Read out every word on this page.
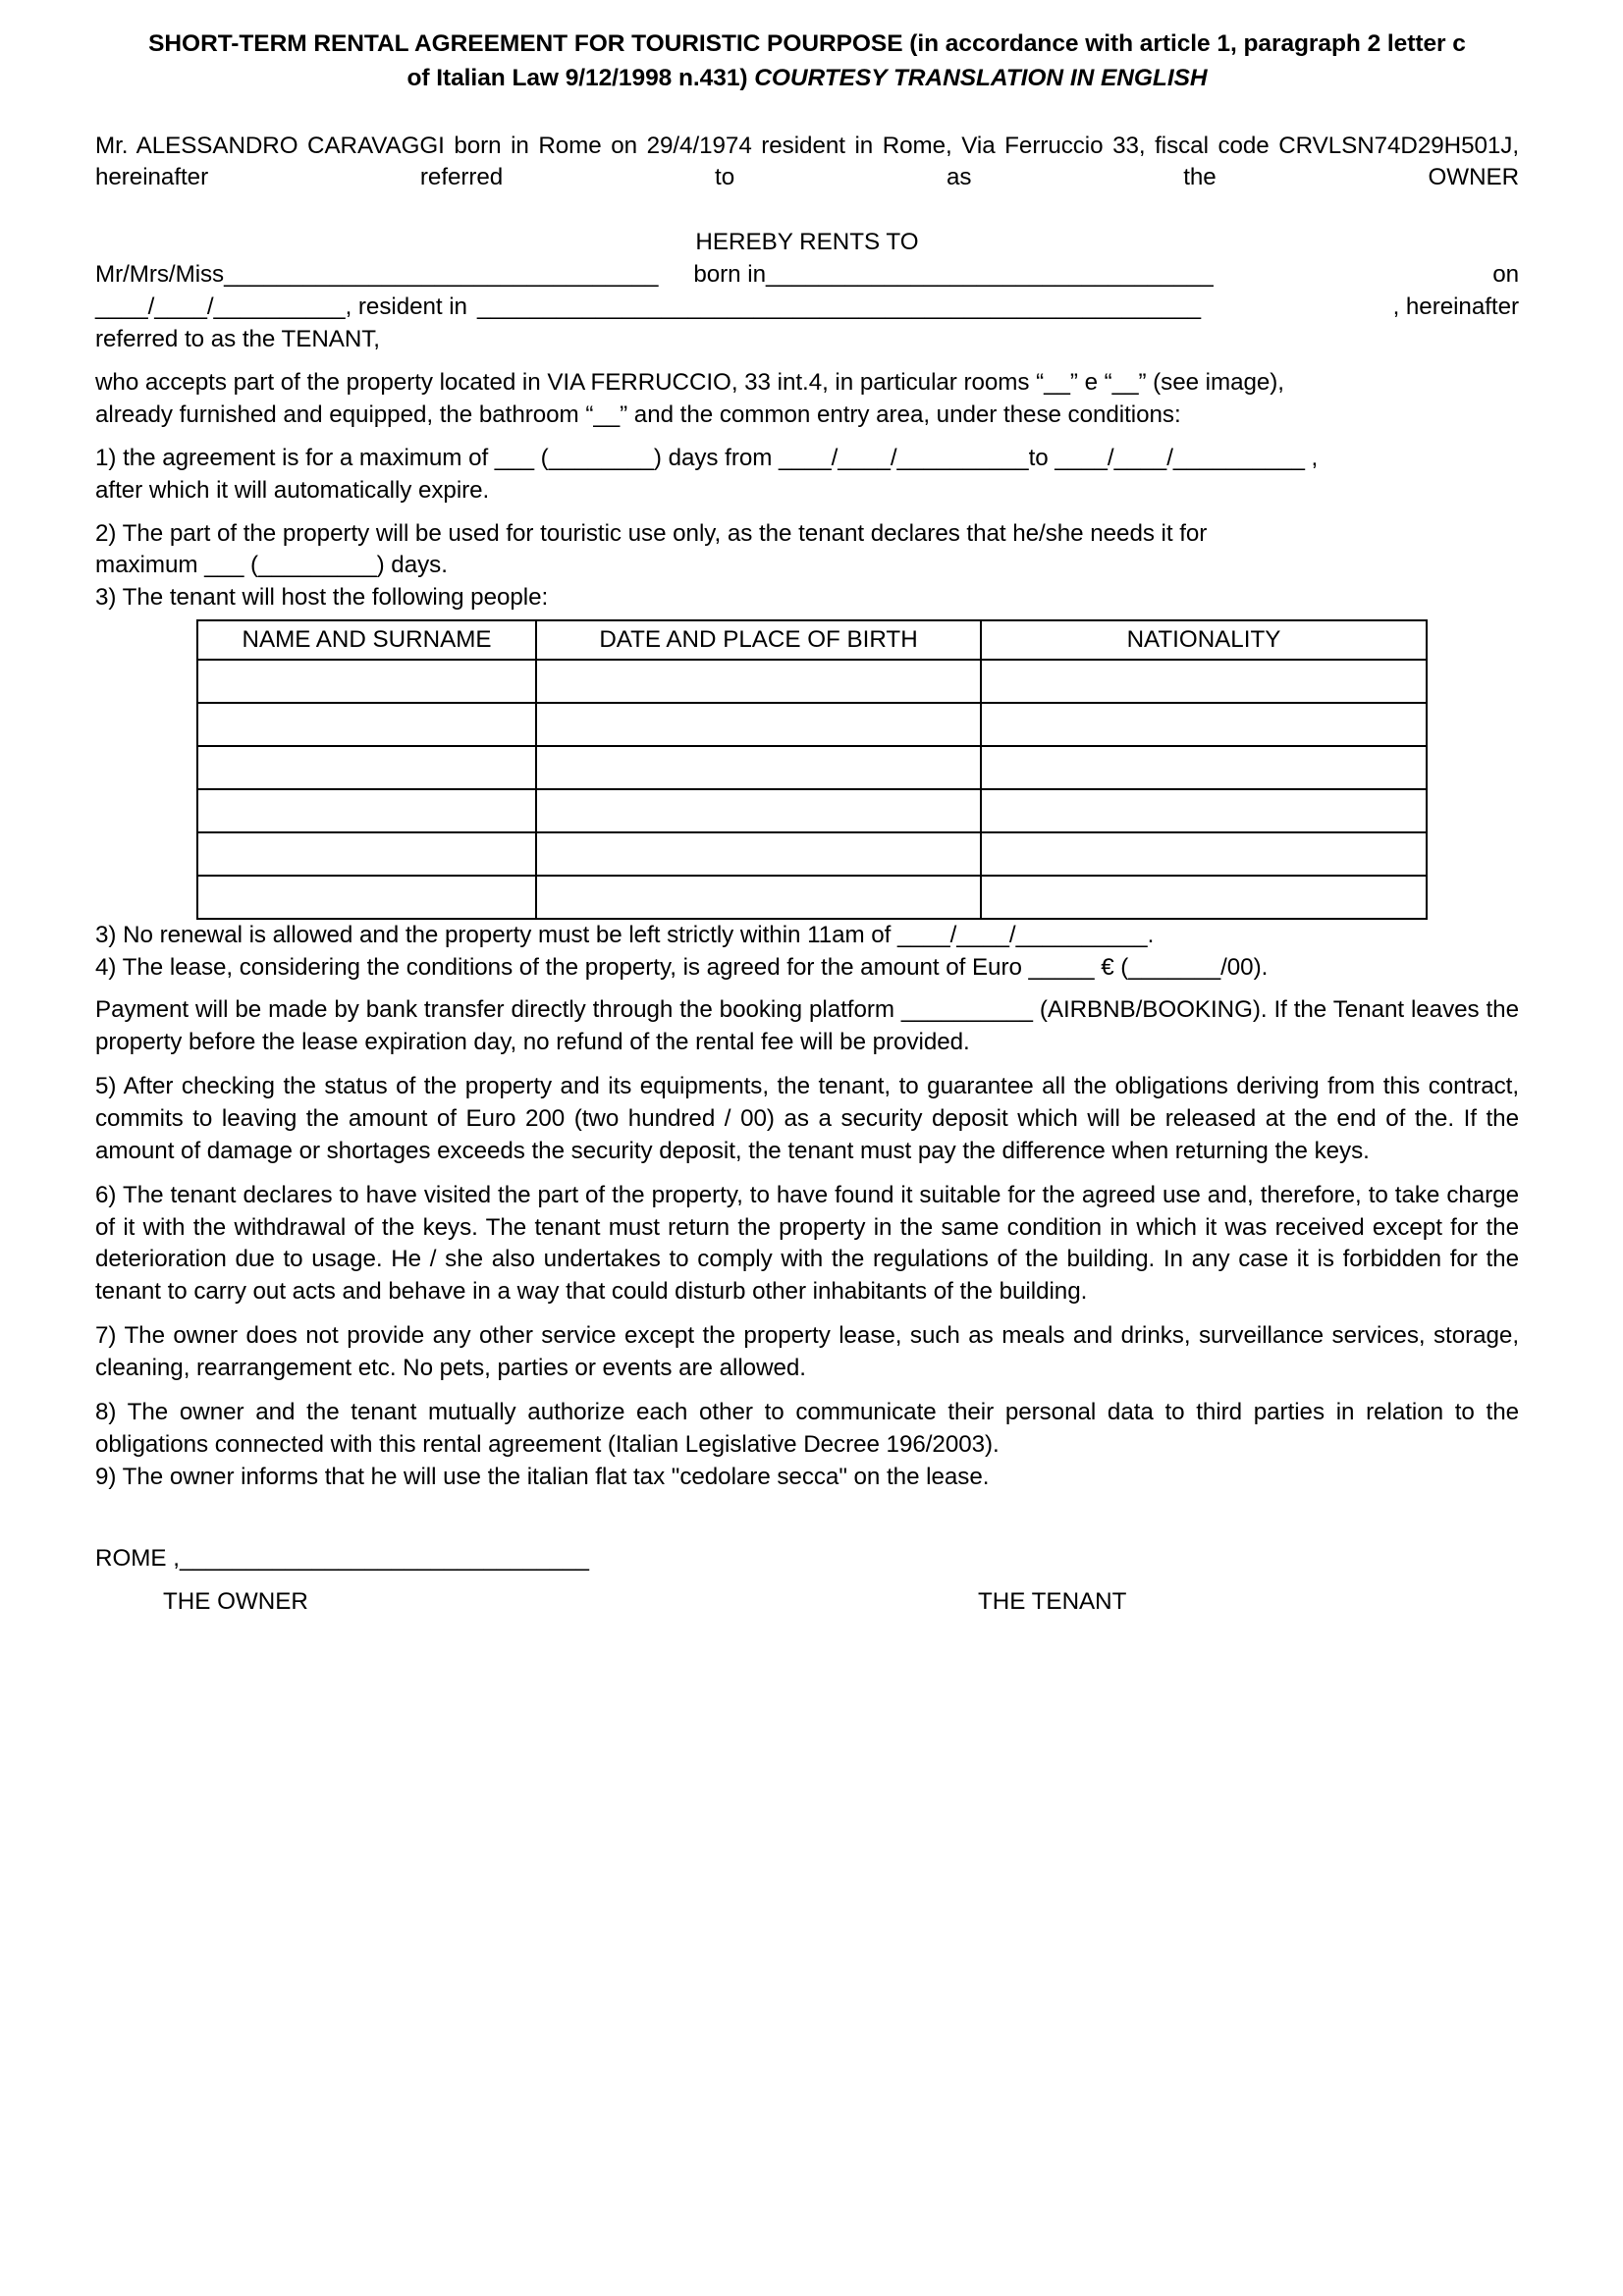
SHORT-TERM RENTAL AGREEMENT FOR TOURISTIC POURPOSE (in accordance with article 1, paragraph 2 letter c
of Italian Law 9/12/1998 n.431) COURTESY TRANSLATION IN ENGLISH

Mr. ALESSANDRO CARAVAGGI born in Rome on 29/4/1974 resident in Rome, Via Ferruccio 33, fiscal code CRVLSN74D29H501J, hereinafter referred to as the OWNER

HEREBY RENTS TO
Mr/Mrs/Miss _________________________________ born in __________________________________	on
____/____/__________ , resident in _______________________________________________________	, hereinafter
referred to as the TENANT,
who accepts part of the property located in VIA FERRUCCIO, 33 int.4, in particular rooms “__” e “__” (see image),
already furnished and equipped, the bathroom “__” and the common entry area, under these conditions:
1) the agreement is for a maximum of ___ (________) days from ____/____/__________to ____/____/__________ ,
after which it will automatically expire.
2) The part of the property will be used for touristic use only, as the tenant declares that he/she needs it for
maximum ___ (_________) days.
3) The tenant will host the following people:
NAME AND SURNAME	DATE AND PLACE OF BIRTH	NATIONALITY

3) No renewal is allowed and the property must be left strictly within 11am of ____/____/__________.
4) The lease, considering the conditions of the property, is agreed for the amount of Euro _____ € (_______/00).

Payment will be made by bank transfer directly through the booking platform __________ (AIRBNB/BOOKING). If the Tenant leaves the property before the lease expiration day, no refund of the rental fee will be provided.

5) After checking the status of the property and its equipments, the tenant, to guarantee all the obligations deriving from this contract, commits to leaving the amount of Euro 200 (two hundred / 00) as a security deposit which will be released at the end of the. If the amount of damage or shortages exceeds the security deposit, the tenant must pay the difference when returning the keys.

6) The tenant declares to have visited the part of the property, to have found it suitable for the agreed use and, therefore, to take charge of it with the withdrawal of the keys. The tenant must return the property in the same condition in which it was received except for the deterioration due to usage. He / she also undertakes to comply with the regulations of the building. In any case it is forbidden for the tenant to carry out acts and behave in a way that could disturb other inhabitants of the building.

7) The owner does not provide any other service except the property lease, such as meals and drinks, surveillance services, storage, cleaning, rearrangement etc. No pets, parties or events are allowed.

8) The owner and the tenant mutually authorize each other to communicate their personal data to third parties in relation to the obligations connected with this rental agreement (Italian Legislative Decree 196/2003).

9) The owner informs that he will use the italian flat tax "cedolare secca" on the lease.
ROME ,_______________________________
THE OWNER	THE TENANT
